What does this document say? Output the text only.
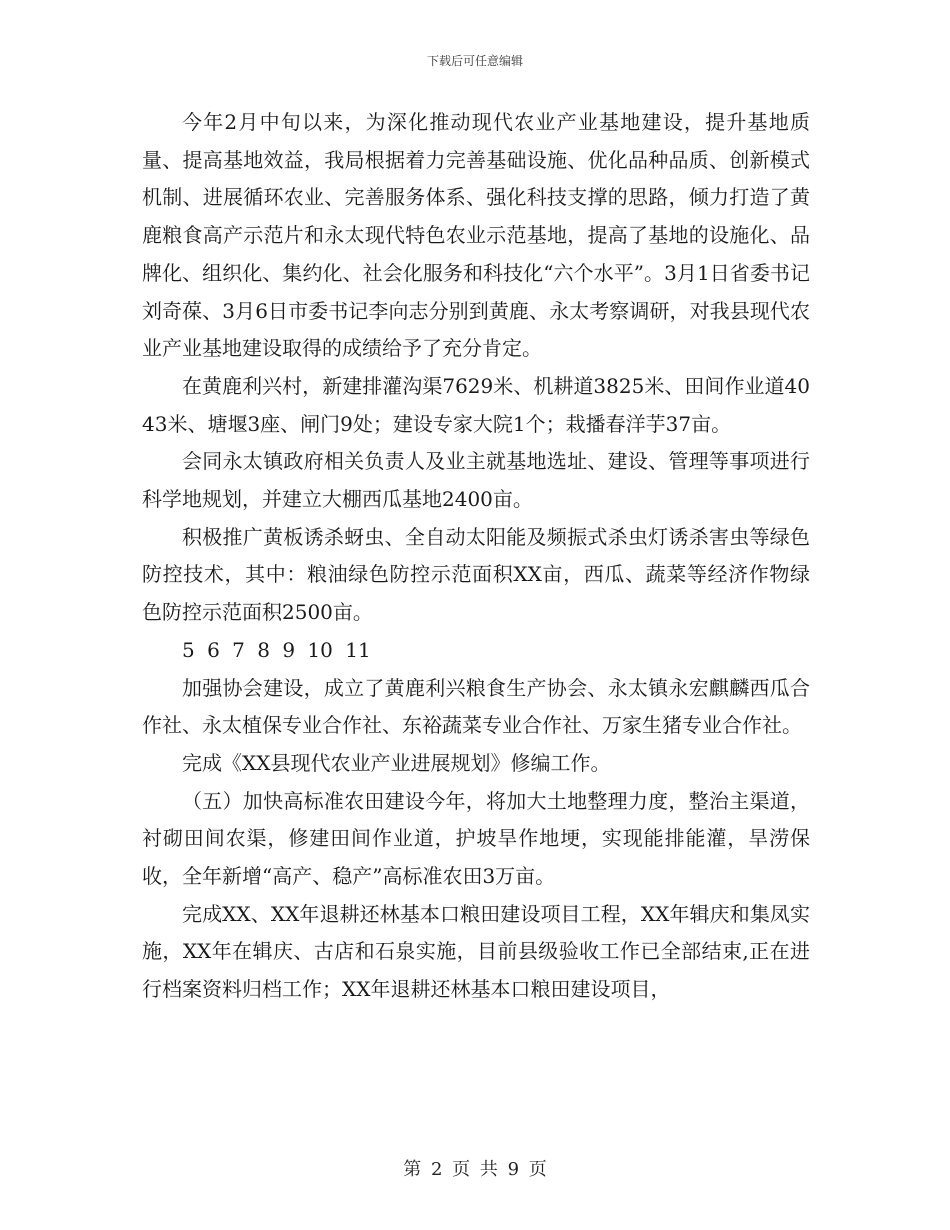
下载后可任意编辑

今年2月中旬以来，为深化推动现代农业产业基地建设，提升基地质量、提高基地效益，我局根据着力完善基础设施、优化品种品质、创新模式机制、进展循环农业、完善服务体系、强化科技支撑的思路，倾力打造了黄鹿粮食高产示范片和永太现代特色农业示范基地，提高了基地的设施化、品牌化、组织化、集约化、社会化服务和科技化“六个水平”。3月1日省委书记刘奇葆、3月6日市委书记李向志分别到黄鹿、永太考察调研，对我县现代农业产业基地建设取得的成绩给予了充分肯定。

在黄鹿利兴村，新建排灌沟渠7629米、机耕道3825米、田间作业道4043米、塘堰3座、闸门9处；建设专家大院1个；栽播春洋芋37亩。

会同永太镇政府相关负责人及业主就基地选址、建设、管理等事项进行科学地规划，并建立大棚西瓜基地2400亩。

积极推广黄板诱杀蚜虫、全自动太阳能及频振式杀虫灯诱杀害虫等绿色防控技术，其中：粮油绿色防控示范面积XX亩，西瓜、蔬菜等经济作物绿色防控示范面积2500亩。

5 6 7 8 9 10 11

加强协会建设，成立了黄鹿利兴粮食生产协会、永太镇永宏麒麟西瓜合作社、永太植保专业合作社、东裕蔬菜专业合作社、万家生猪专业合作社。

完成《XX县现代农业产业进展规划》修编工作。

（五）加快高标准农田建设今年，将加大土地整理力度，整治主渠道，衬砌田间农渠，修建田间作业道，护坡旱作地埂，实现能排能灌，旱涝保收，全年新增“高产、稳产”高标准农田3万亩。

完成XX、XX年退耕还林基本口粮田建设项目工程，XX年辑庆和集凤实施，XX年在辑庆、古店和石泉实施，目前县级验收工作已全部结束,正在进行档案资料归档工作；XX年退耕还林基本口粮田建设项目，

第 2 页 共 9 页
